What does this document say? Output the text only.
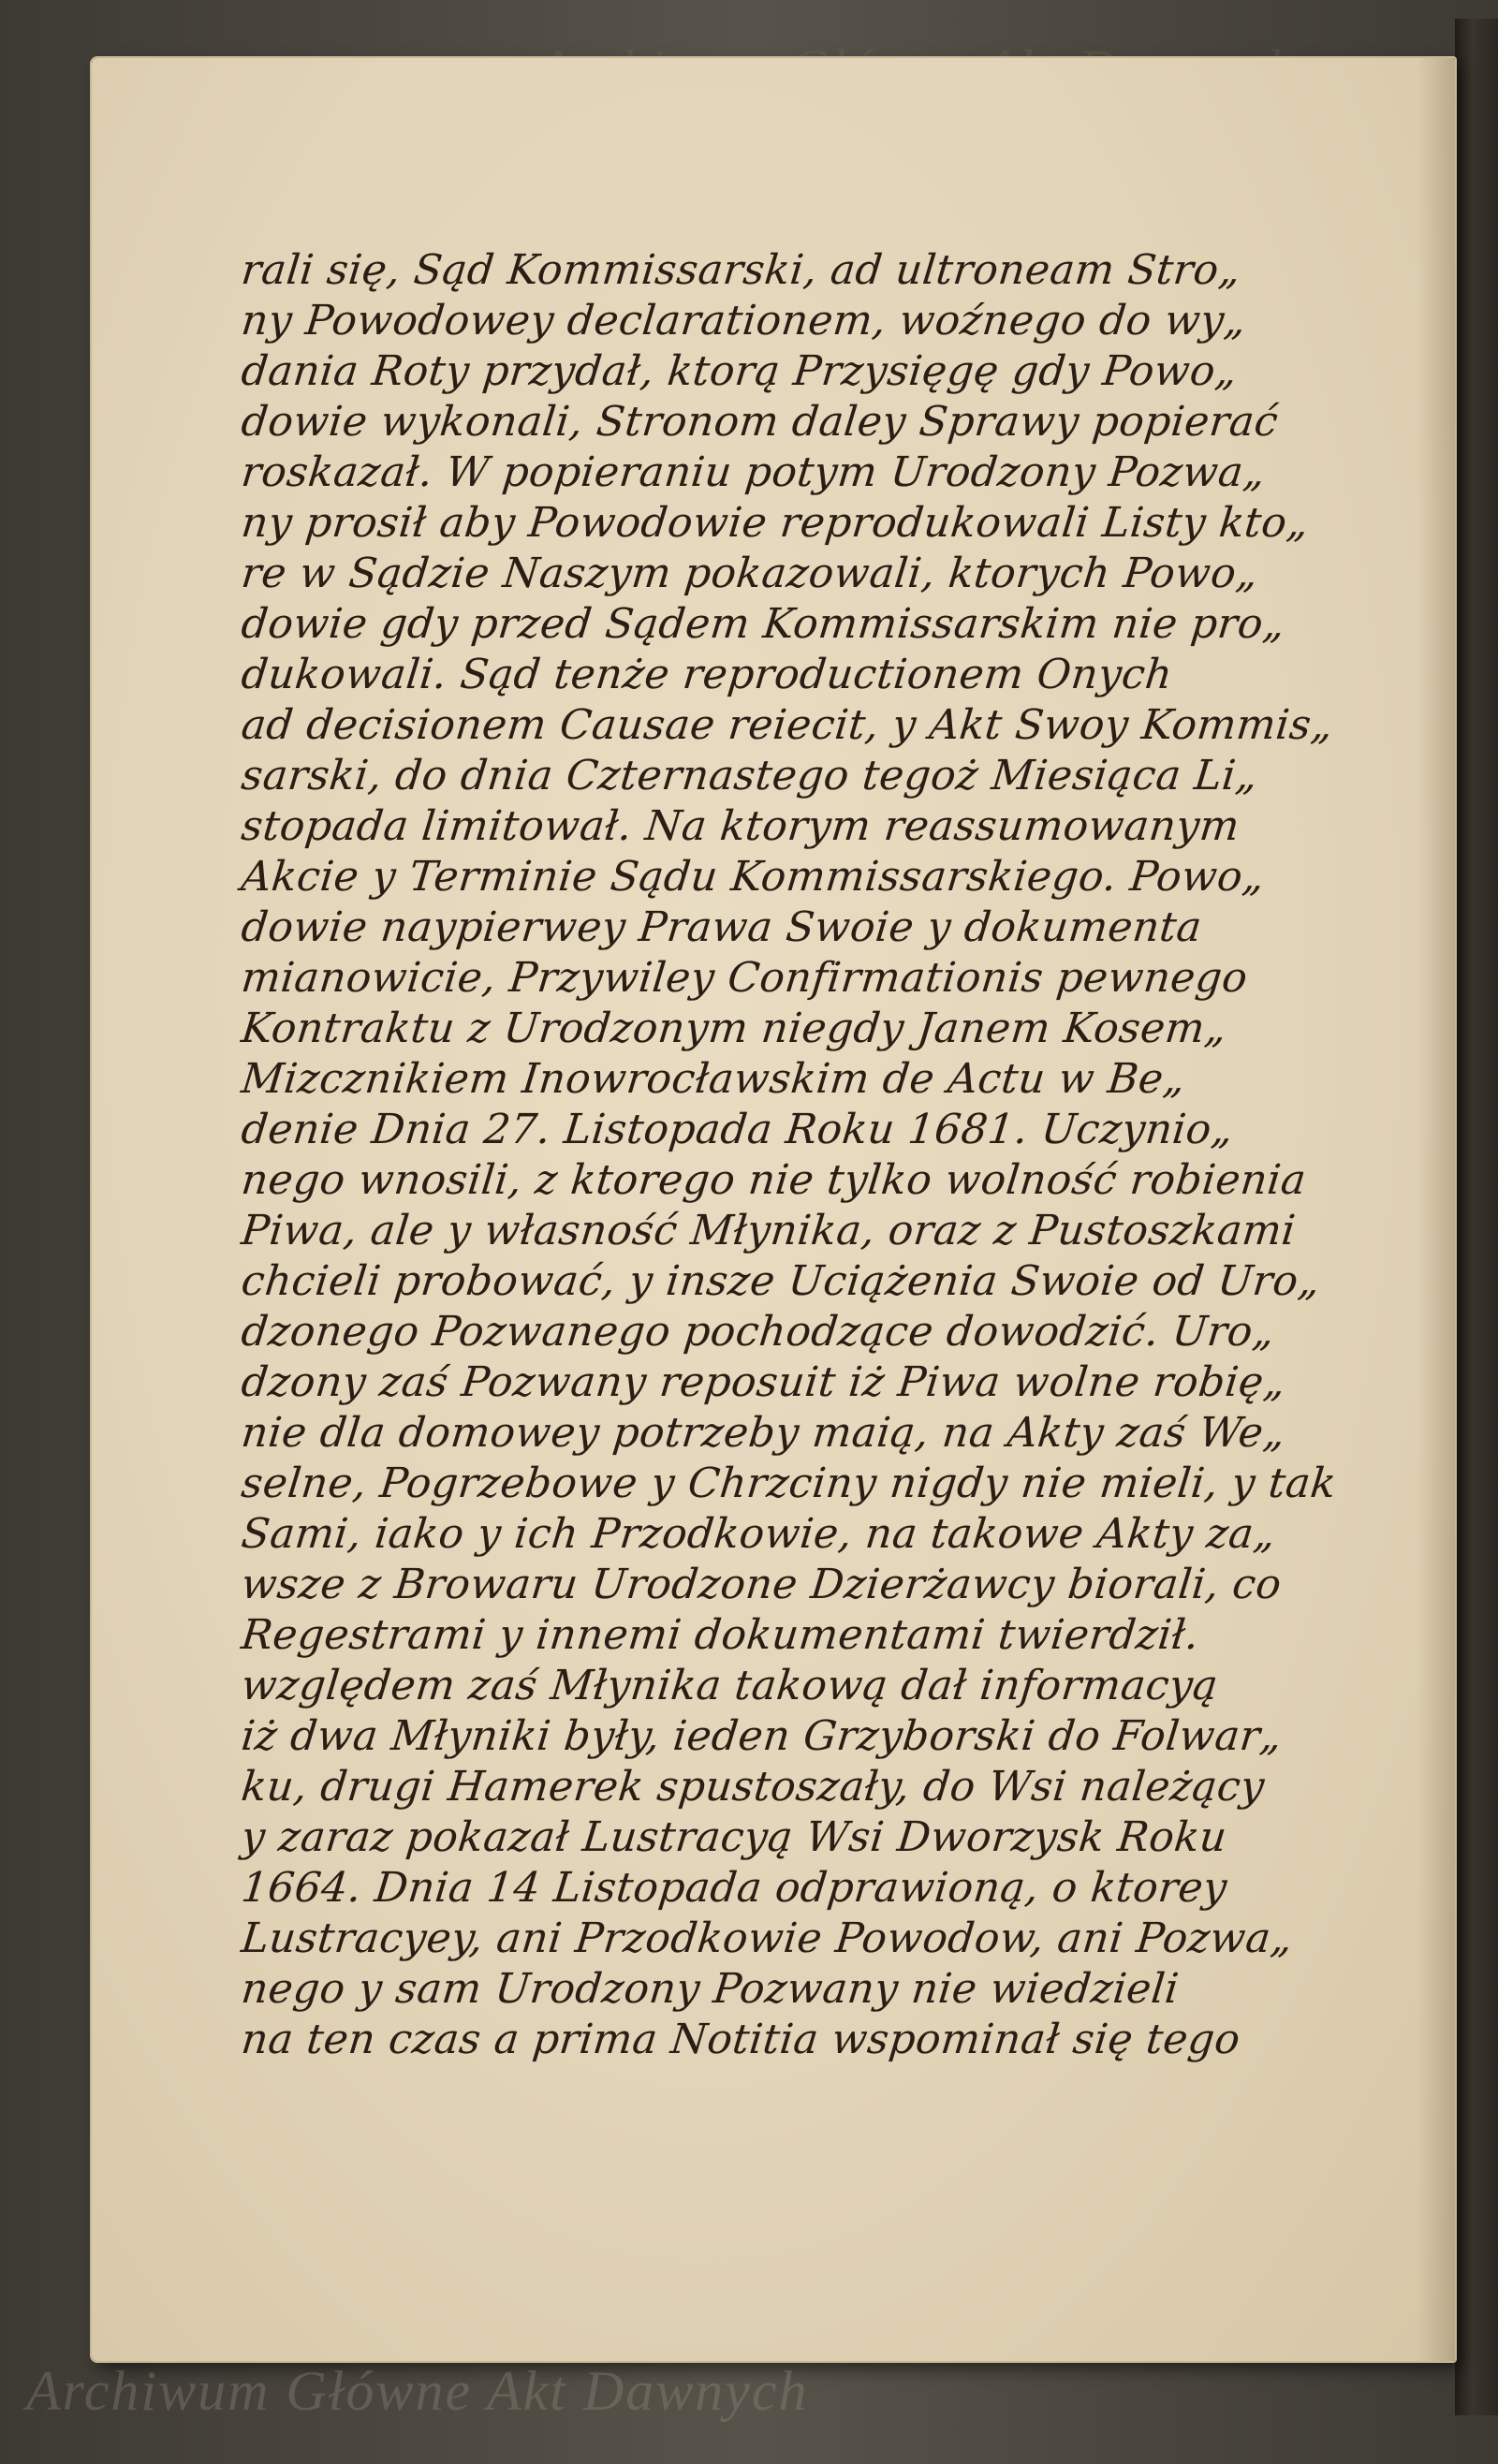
rali się, Sąd Kommissarski, ad ultroneam Stro„
ny Powodowey declarationem, woźnego do wy„
dania Roty przydał, ktorą Przysięgę gdy Powo„
dowie wykonali, Stronom daley Sprawy popierać
roskazał. W popieraniu potym Urodzony Pozwa„
ny prosił aby Powodowie reprodukowali Listy kto„
re w Sądzie Naszym pokazowali, ktorych Powo„
dowie gdy przed Sądem Kommissarskim nie pro„
dukowali. Sąd tenże reproductionem Onych
ad decisionem Causae reiecit, y Akt Swoy Kommis„
sarski, do dnia Czternastego tegoż Miesiąca Li„
stopada limitował. Na ktorym reassumowanym
Akcie y Terminie Sądu Kommissarskiego. Powo„
dowie naypierwey Prawa Swoie y dokumenta
mianowicie, Przywiley Confirmationis pewnego
Kontraktu z Urodzonym niegdy Janem Kosem„
Mizcznikiem Inowrocławskim de Actu w Be„
denie Dnia 27. Listopada Roku 1681. Uczynio„
nego wnosili, z ktorego nie tylko wolność robienia
Piwa, ale y własność Młynika, oraz z Pustoszkami
chcieli probować, y insze Uciążenia Swoie od Uro„
dzonego Pozwanego pochodzące dowodzić. Uro„
dzony zaś Pozwany reposuit iż Piwa wolne robię„
nie dla domowey potrzeby maią, na Akty zaś We„
selne, Pogrzebowe y Chrzciny nigdy nie mieli, y tak
Sami, iako y ich Przodkowie, na takowe Akty za„
wsze z Browaru Urodzone Dzierżawcy biorali, co
Regestrami y innemi dokumentami twierdził.
względem zaś Młynika takową dał informacyą
iż dwa Młyniki były, ieden Grzyborski do Folwar„
ku, drugi Hamerek spustoszały, do Wsi należący
y zaraz pokazał Lustracyą Wsi Dworzysk Roku
1664. Dnia 14 Listopada odprawioną, o ktorey
Lustracyey, ani Przodkowie Powodow, ani Pozwa„
nego y sam Urodzony Pozwany nie wiedzieli
na ten czas a prima Notitia wspominał się tego
Archiwum Główne Akt Dawnych
